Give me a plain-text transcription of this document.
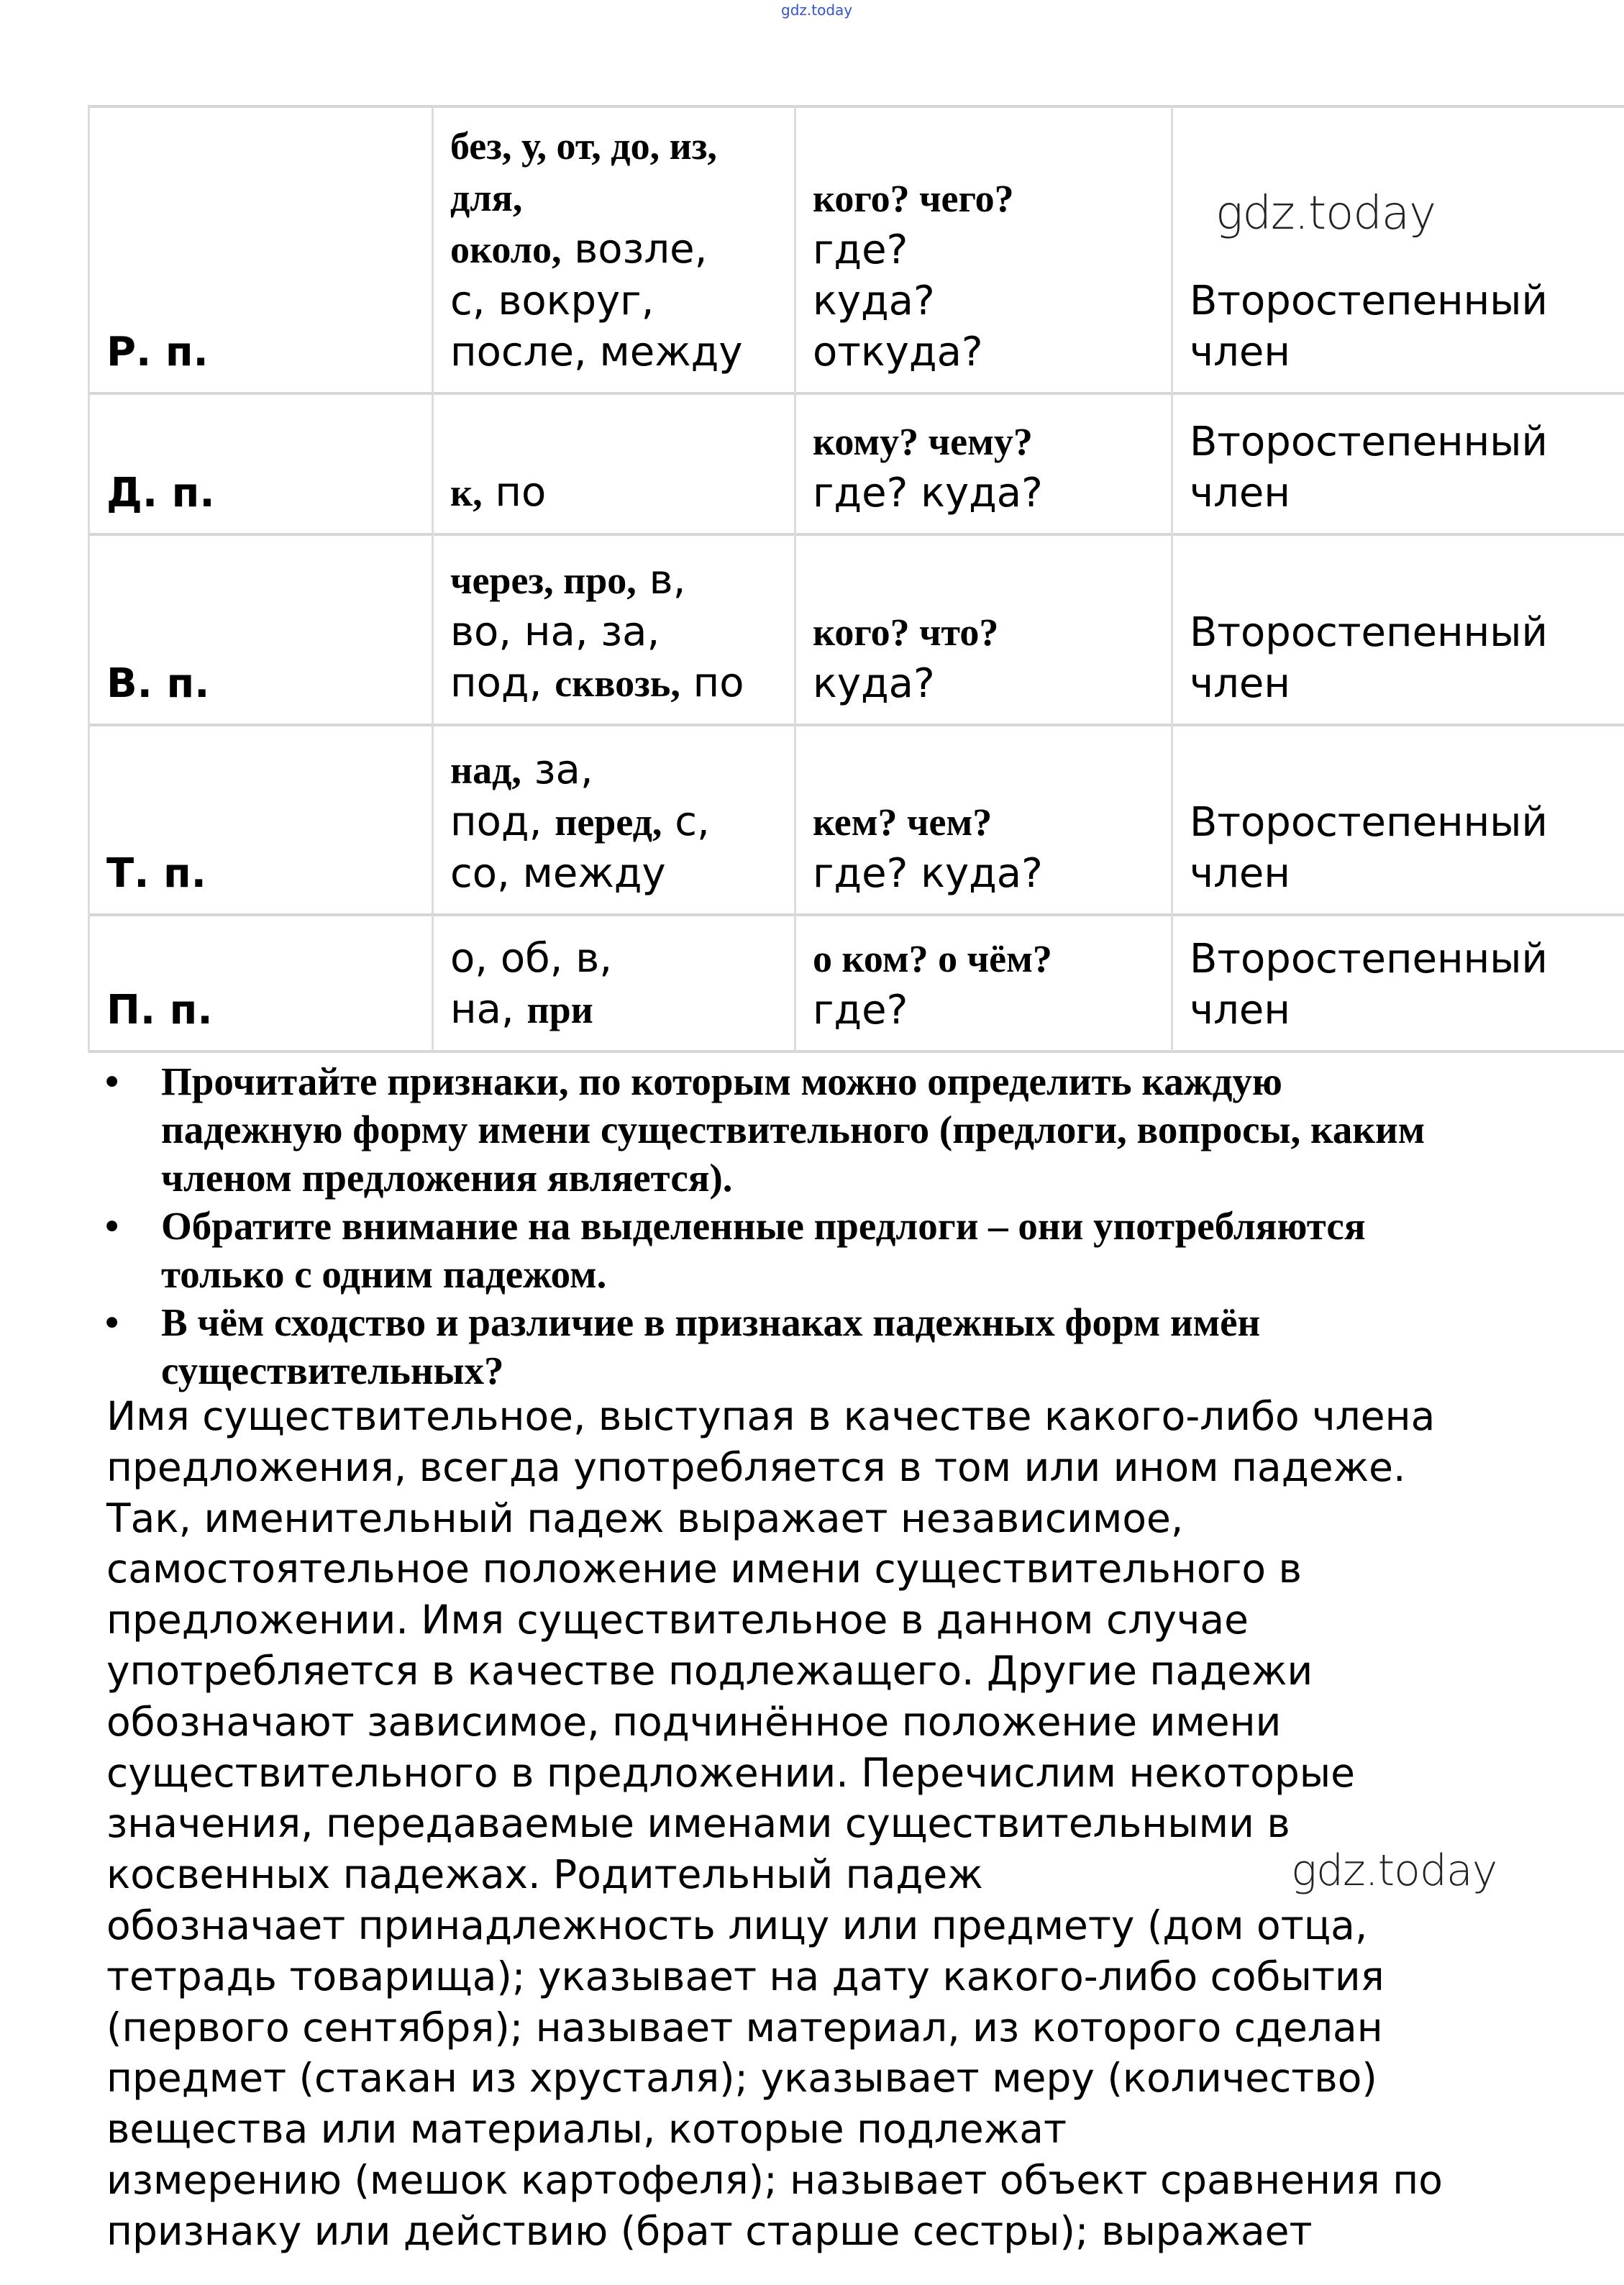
gdz.today
Р. п.
без, у, от, до, из,
для,
около, возле,
с, вокруг,
после, между
кого? чего?
где?
куда?
откуда?
Второстепенный
член
Д. п.	к, по
кому? чему?
где? куда?
Второстепенный
член
В. п.
через, про, в,
во, на, за,
под, сквозь, по
кого? что?
куда?
Второстепенный
член
Т. п.
над, за,
под, перед, с,
со, между
кем? чем?
где? куда?
Второстепенный
член
П. п.
о, об, в,
на, при
о ком? о чём?
где?
Второстепенный
член
• Прочитайте признаки, по которым можно определить каждую
падежную форму имени существительного (предлоги, вопросы, каким
членом предложения является).
• Обратите внимание на выделенные предлоги – они употребляются
только с одним падежом.
• В чём сходство и различие в признаках падежных форм имён
существительных?
Имя существительное, выступая в качестве какого-либо члена
предложения, всегда употребляется в том или ином падеже.
Так, именительный падеж выражает независимое,
самостоятельное положение имени существительного в
предложении. Имя существительное в данном случае
употребляется в качестве подлежащего. Другие падежи
обозначают зависимое, подчинённое положение имени
существительного в предложении. Перечислим некоторые
значения, передаваемые именами существительными в
косвенных падежах. Родительный падеж
обозначает принадлежность лицу или предмету (дом отца,
тетрадь товарища); указывает на дату какого-либо события
(первого сентября); называет материал, из которого сделан
предмет (стакан из хрусталя); указывает меру (количество)
вещества или материалы, которые подлежат
измерению (мешок картофеля); называет объект сравнения по
признаку или действию (брат старше сестры); выражает
gdz.today
gdz.today
